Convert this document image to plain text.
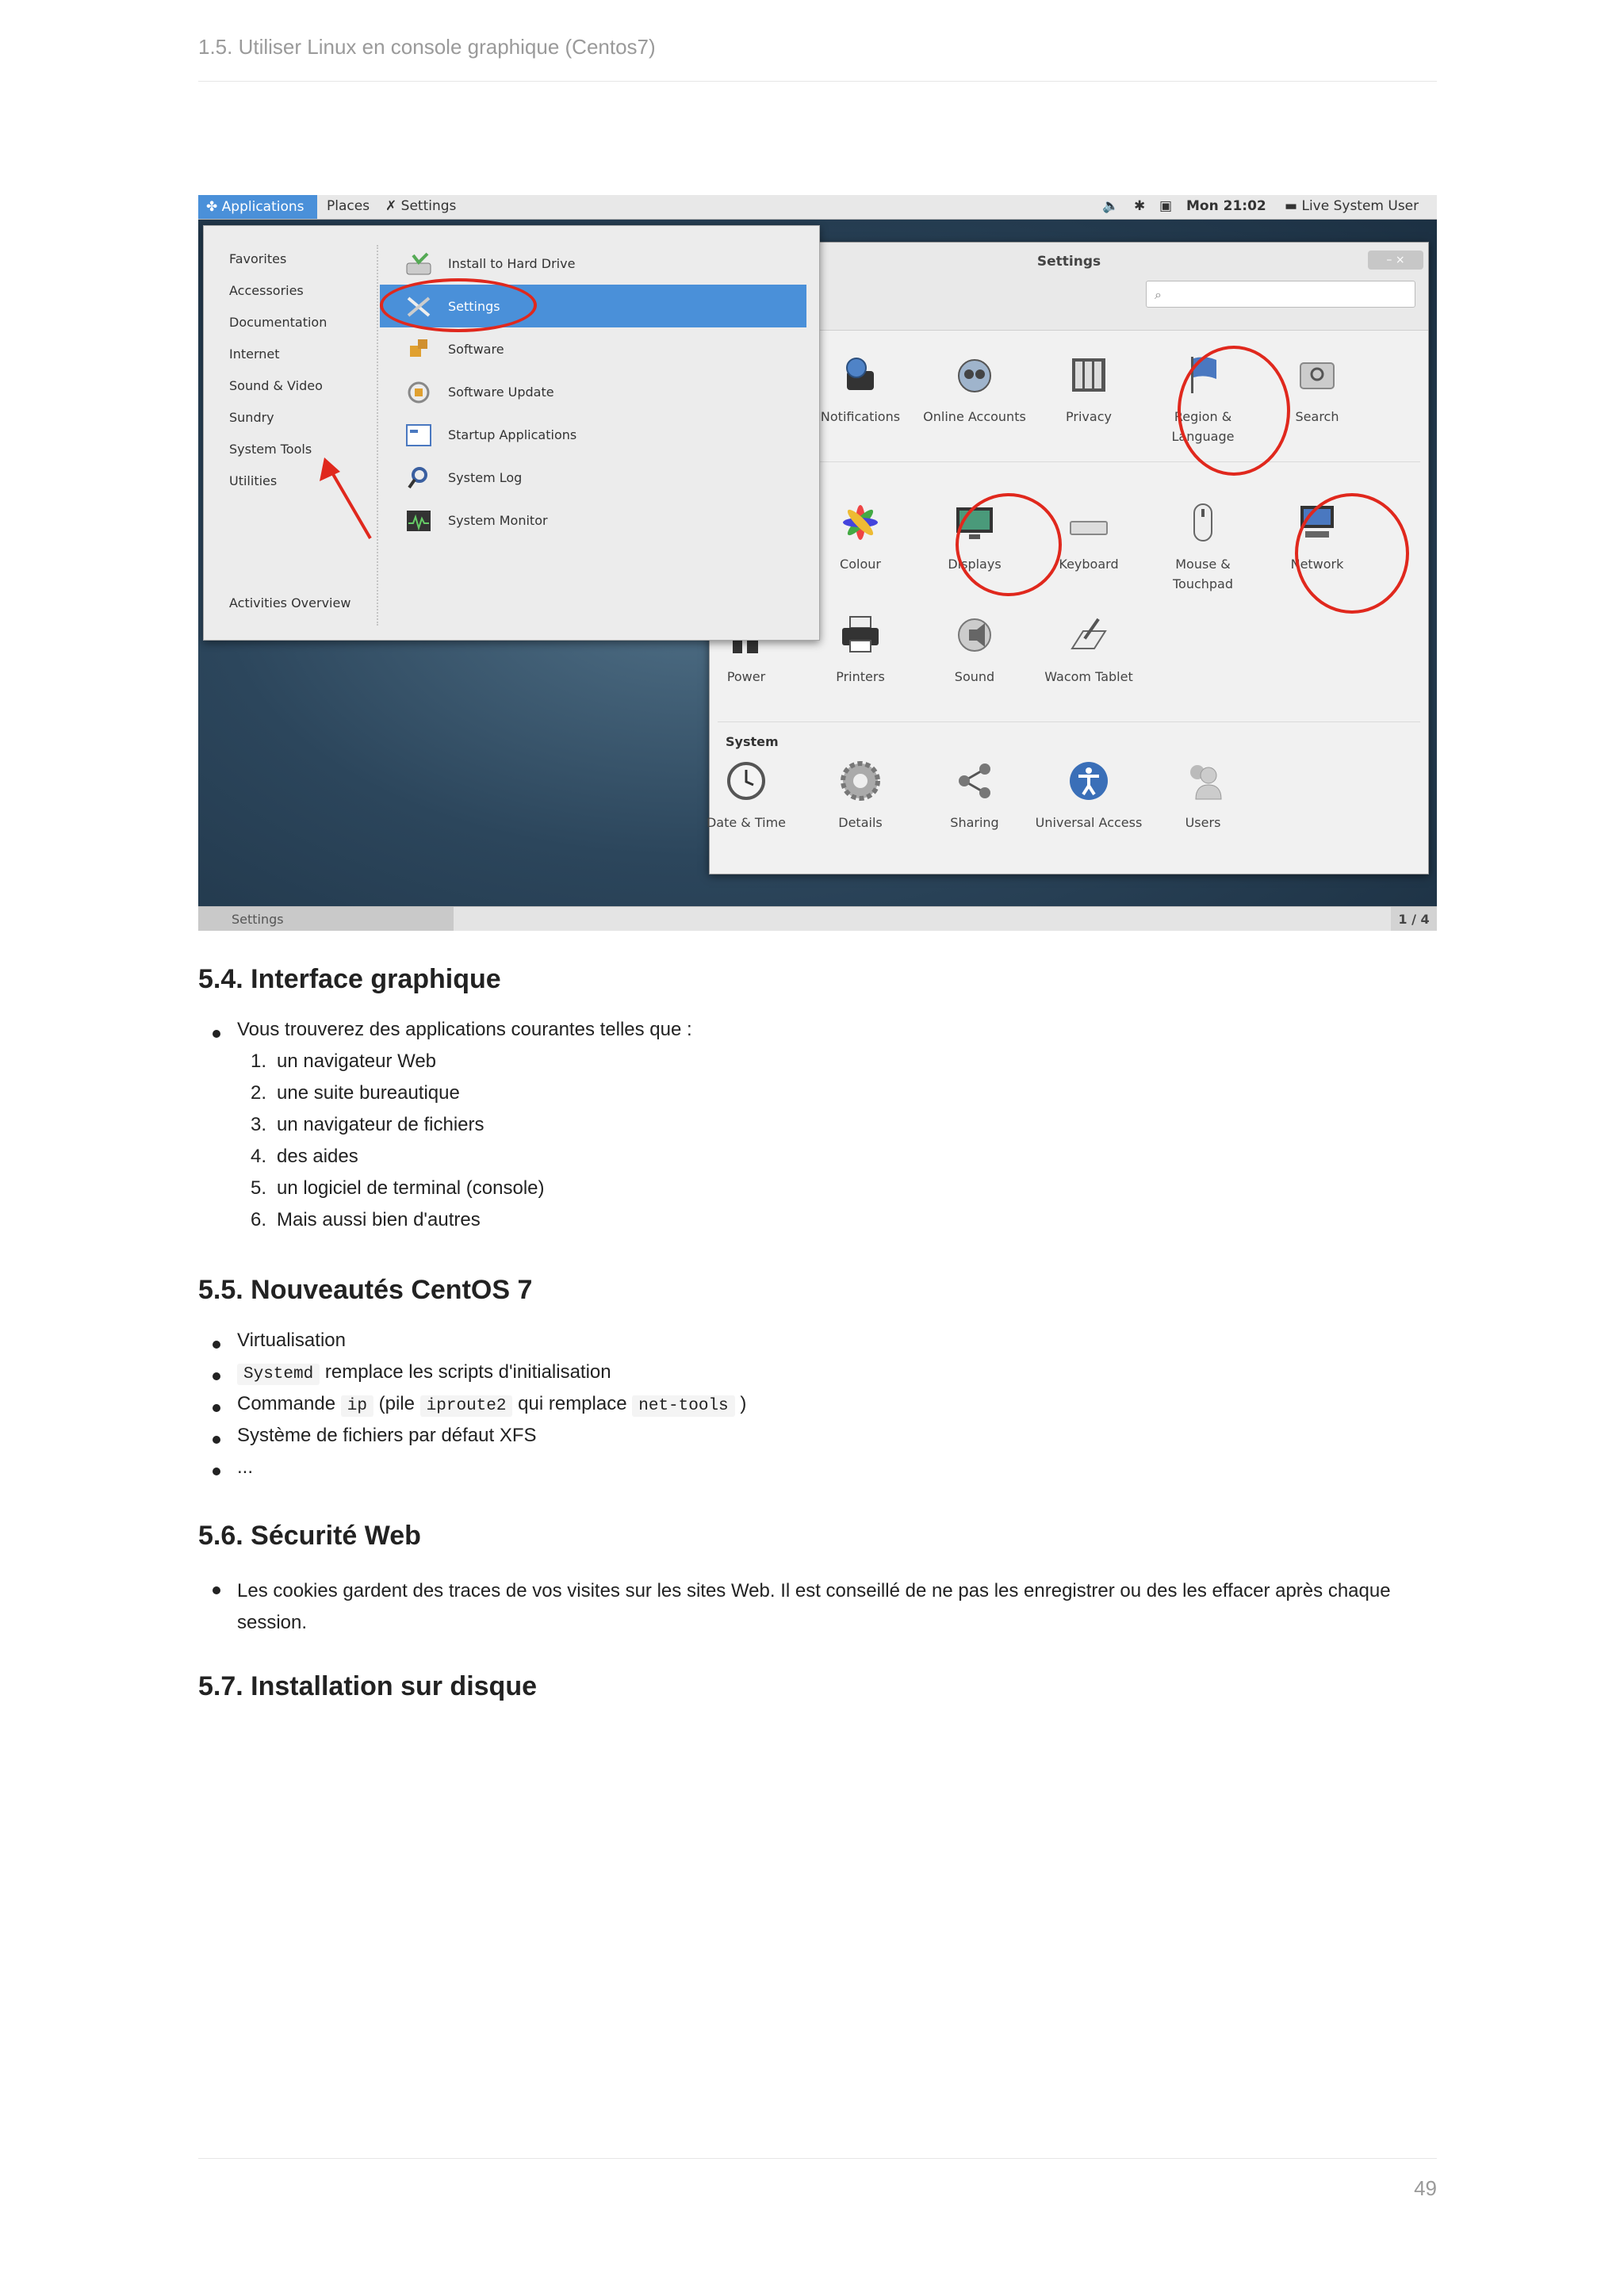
1.5. Utiliser Linux en console graphique (Centos7)
✤ Applications	Places ✗ Settings	🔈 ✱ ▣ Mon 21:02 ▬ Live System User
Settings	– ×
⌕
Notifications	Online Accounts	Privacy	Region & Language
Search
Colour	Displays	Keyboard	Mouse & Touchpad
Network
Power	Printers	Sound	Wacom Tablet
System
Date & Time	Details	Sharing	Universal Access	Users
Favorites
Accessories
Documentation
Internet
Sound & Video
Sundry
System Tools
Utilities
Activities Overview
Install to Hard Drive
Settings
Software
Software Update
Startup Applications
System Log
System Monitor
Settings	1 / 4
5.4. Interface graphique
Vous trouverez des applications courantes telles que :
1. un navigateur Web
2. une suite bureautique
3. un navigateur de fichiers
4. des aides
5. un logiciel de terminal (console)
6. Mais aussi bien d'autres
5.5. Nouveautés CentOS 7
Virtualisation
Systemd remplace les scripts d'initialisation
Commande ip (pile iproute2 qui remplace net-tools )
Système de fichiers par défaut XFS
...
5.6. Sécurité Web
Les cookies gardent des traces de vos visites sur les sites Web. Il est conseillé de ne pas les enregistrer ou des les effacer après chaque
session.
5.7. Installation sur disque
49
